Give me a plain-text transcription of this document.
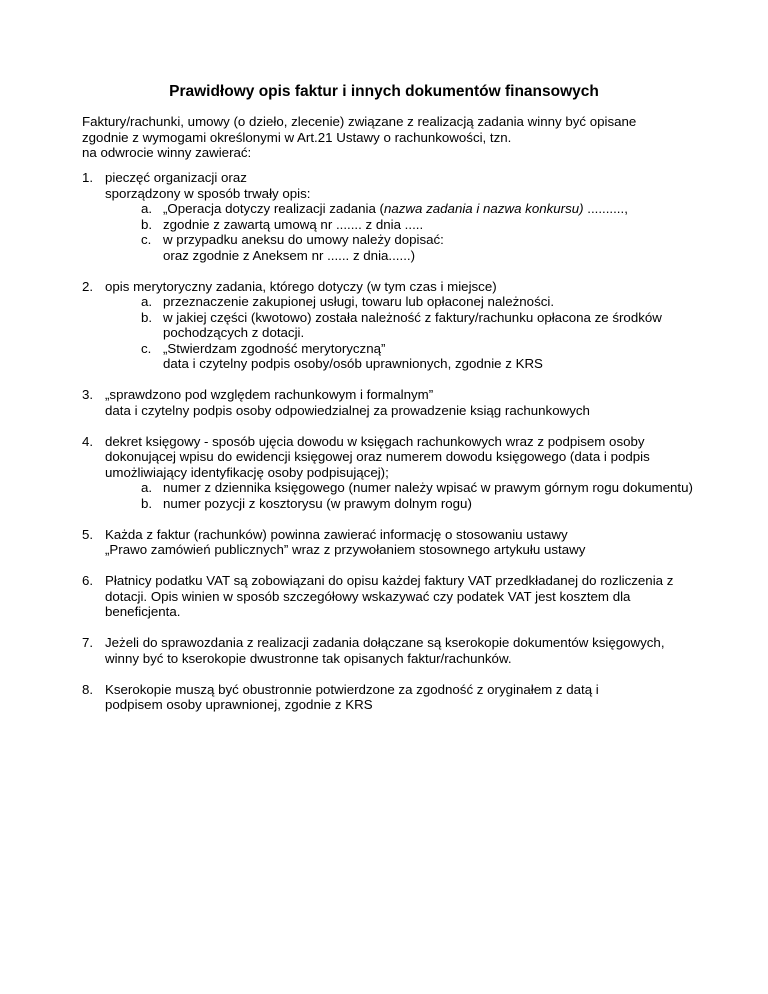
Prawidłowy opis faktur i innych dokumentów finansowych
Faktury/rachunki, umowy (o dzieło, zlecenie) związane z realizacją zadania winny być opisane
zgodnie z wymogami określonymi w Art.21 Ustawy o rachunkowości, tzn.
na odwrocie winny zawierać:
1. pieczęć organizacji oraz
sporządzony w sposób trwały opis:
a. „Operacja dotyczy realizacji zadania (nazwa zadania i nazwa konkursu) ..........,
b. zgodnie z zawartą umową nr ....... z dnia .....
c. w przypadku aneksu do umowy należy dopisać:
oraz zgodnie z Aneksem nr ...... z dnia......)
2. opis merytoryczny zadania, którego dotyczy (w tym czas i miejsce)
a. przeznaczenie zakupionej usługi, towaru lub opłaconej należności.
b. w jakiej części (kwotowo) została należność z faktury/rachunku opłacona ze środków
pochodzących z dotacji.
c. „Stwierdzam zgodność merytoryczną”
data i czytelny podpis osoby/osób uprawnionych, zgodnie z KRS
3. „sprawdzono pod względem rachunkowym i formalnym”
data i czytelny podpis osoby odpowiedzialnej za prowadzenie ksiąg rachunkowych
4. dekret księgowy - sposób ujęcia dowodu w księgach rachunkowych wraz z podpisem osoby
dokonującej wpisu do ewidencji księgowej oraz numerem dowodu księgowego (data i podpis
umożliwiający identyfikację osoby podpisującej);
a. numer z dziennika księgowego (numer należy wpisać w prawym górnym rogu dokumentu)
b. numer pozycji z kosztorysu (w prawym dolnym rogu)
5. Każda z faktur (rachunków) powinna zawierać informację o stosowaniu ustawy
„Prawo zamówień publicznych” wraz z przywołaniem stosownego artykułu ustawy
6. Płatnicy podatku VAT są zobowiązani do opisu każdej faktury VAT przedkładanej do rozliczenia z
dotacji. Opis winien w sposób szczegółowy wskazywać czy podatek VAT jest kosztem dla
beneficjenta.
7. Jeżeli do sprawozdania z realizacji zadania dołączane są kserokopie dokumentów księgowych,
winny być to kserokopie dwustronne tak opisanych faktur/rachunków.
8. Kserokopie muszą być obustronnie potwierdzone za zgodność z oryginałem z datą i
podpisem osoby uprawnionej, zgodnie z KRS
